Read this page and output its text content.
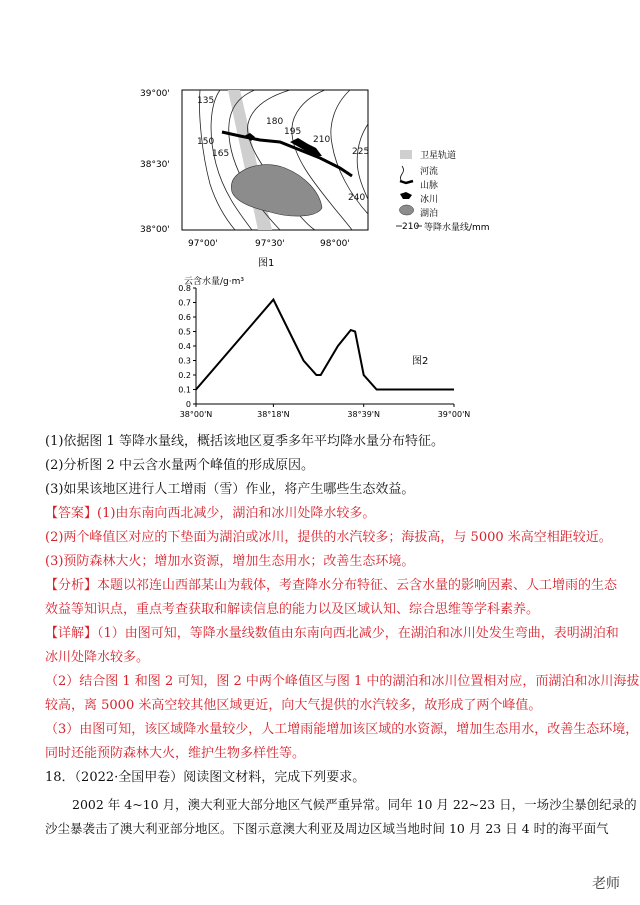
39°00'
38°30'
38°00'
97°00'	97°30'	98°00'
135
150
165
180
195
210
225
240
卫星轨道
河流
山脉
冰川
湖泊
210 等降水量线/mm
图1
云含水量/g·m³
0
0.1
0.2
0.3
0.4
0.5
0.6
0.7
0.8
38°00'N	38°18'N	38°39'N	39°00'N
图2
(1)依据图 1 等降水量线，概括该地区夏季多年平均降水量分布特征。
(2)分析图 2 中云含水量两个峰值的形成原因。
(3)如果该地区进行人工增雨（雪）作业，将产生哪些生态效益。
【答案】(1)由东南向西北减少，湖泊和冰川处降水较多。
(2)两个峰值区对应的下垫面为湖泊或冰川，提供的水汽较多；海拔高，与 5000 米高空相距较近。
(3)预防森林大火；增加水资源，增加生态用水；改善生态环境。
【分析】本题以祁连山西部某山为载体，考查降水分布特征、云含水量的影响因素、人工增雨的生态
效益等知识点，重点考查获取和解读信息的能力以及区域认知、综合思维等学科素养。
【详解】（1）由图可知，等降水量线数值由东南向西北减少，在湖泊和冰川处发生弯曲，表明湖泊和
冰川处降水较多。
（2）结合图 1 和图 2 可知，图 2 中两个峰值区与图 1 中的湖泊和冰川位置相对应，而湖泊和冰川海拔
较高，离 5000 米高空较其他区域更近，向大气提供的水汽较多，故形成了两个峰值。
（3）由图可知，该区域降水量较少，人工增雨能增加该区域的水资源，增加生态用水，改善生态环境，
同时还能预防森林大火，维护生物多样性等。
18．（2022·全国甲卷）阅读图文材料，完成下列要求。
2002 年 4~10 月，澳大利亚大部分地区气候严重异常。同年 10 月 22~23 日，一场沙尘暴创纪录的
沙尘暴袭击了澳大利亚部分地区。下图示意澳大利亚及周边区域当地时间 10 月 23 日 4 时的海平面气
老师
